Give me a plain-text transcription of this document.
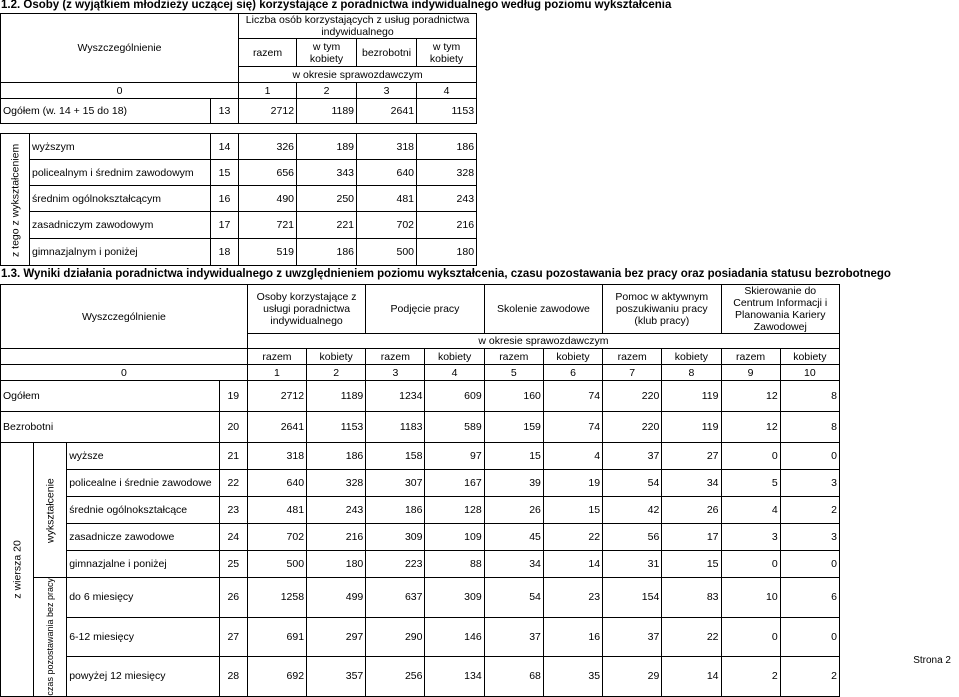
1.2. Osoby (z wyjątkiem młodzieży uczącej się) korzystające z poradnictwa indywidualnego według poziomu wykształcenia
Wyszczególnienie			Liczba osób korzystających z usług poradnictwa indywidualnego			
			razem	w tym kobiety	bezrobotni	w tym kobiety
			w okresie sprawozdawczym			
0			1	2	3	4
Ogółem (w. 14 + 15 do 18)		13	2712	1189	2641	1153

z tego z wykształceniem	wyższym	14	326	189	318	186
	policealnym i średnim zawodowym	15	656	343	640	328
	średnim ogólnokształcącym	16	490	250	481	243
	zasadniczym zawodowym	17	721	221	702	216
	gimnazjalnym i poniżej	18	519	186	500	180
1.3. Wyniki działania poradnictwa indywidualnego z uwzględnieniem poziomu wykształcenia, czasu pozostawania bez pracy oraz posiadania statusu bezrobotnego
Wyszczególnienie				Osoby korzystające z usługi poradnictwa indywidualnego		Podjęcie pracy		Skolenie zawodowe		Pomoc w aktywnym poszukiwaniu pracy (klub pracy)		Skierowanie do Centrum Informacji i Planowania Kariery Zawodowej	
				w okresie sprawozdawczym									
				razem	kobiety	razem	kobiety	razem	kobiety	razem	kobiety	razem	kobiety
0				1	2	3	4	5	6	7	8	9	10
Ogółem			19	2712	1189	1234	609	160	74	220	119	12	8
Bezrobotni			20	2641	1153	1183	589	159	74	220	119	12	8
z wiersza 20	wykształcenie	wyższe	21	318	186	158	97	15	4	37	27	0	0
		policealne i średnie zawodowe	22	640	328	307	167	39	19	54	34	5	3
		średnie ogólnokształcące	23	481	243	186	128	26	15	42	26	4	2
		zasadnicze zawodowe	24	702	216	309	109	45	22	56	17	3	3
		gimnazjalne i poniżej	25	500	180	223	88	34	14	31	15	0	0
	czas pozostawania bez pracy	do 6 miesięcy	26	1258	499	637	309	54	23	154	83	10	6
		6-12 miesięcy	27	691	297	290	146	37	16	37	22	0	0
		powyżej 12 miesięcy	28	692	357	256	134	68	35	29	14	2	2
Strona 2
